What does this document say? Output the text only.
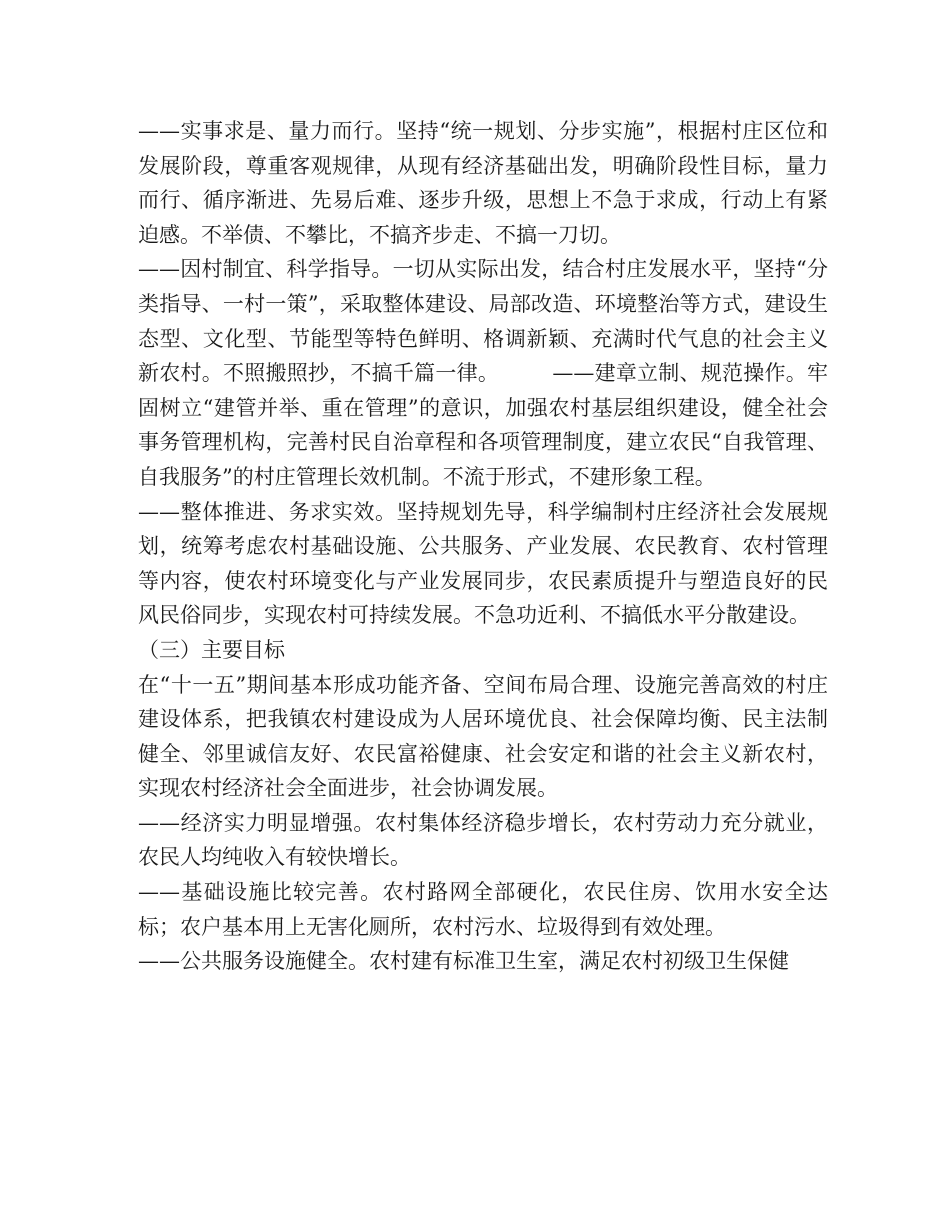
——实事求是、量力而行。坚持“统一规划、分步实施”，根据村庄区位和发展阶段，尊重客观规律，从现有经济基础出发，明确阶段性目标，量力而行、循序渐进、先易后难、逐步升级，思想上不急于求成，行动上有紧迫感。不举债、不攀比，不搞齐步走、不搞一刀切。

——因村制宜、科学指导。一切从实际出发，结合村庄发展水平，坚持“分类指导、一村一策”，采取整体建设、局部改造、环境整治等方式，建设生态型、文化型、节能型等特色鲜明、格调新颖、充满时代气息的社会主义新农村。不照搬照抄，不搞千篇一律。　　　——建章立制、规范操作。牢固树立“建管并举、重在管理”的意识，加强农村基层组织建设，健全社会事务管理机构，完善村民自治章程和各项管理制度，建立农民“自我管理、自我服务”的村庄管理长效机制。不流于形式，不建形象工程。

——整体推进、务求实效。坚持规划先导，科学编制村庄经济社会发展规划，统筹考虑农村基础设施、公共服务、产业发展、农民教育、农村管理等内容，使农村环境变化与产业发展同步，农民素质提升与塑造良好的民风民俗同步，实现农村可持续发展。不急功近利、不搞低水平分散建设。

（三）主要目标

在“十一五”期间基本形成功能齐备、空间布局合理、设施完善高效的村庄建设体系，把我镇农村建设成为人居环境优良、社会保障均衡、民主法制健全、邻里诚信友好、农民富裕健康、社会安定和谐的社会主义新农村，实现农村经济社会全面进步，社会协调发展。

——经济实力明显增强。农村集体经济稳步增长，农村劳动力充分就业，农民人均纯收入有较快增长。

——基础设施比较完善。农村路网全部硬化，农民住房、饮用水安全达标；农户基本用上无害化厕所，农村污水、垃圾得到有效处理。

——公共服务设施健全。农村建有标准卫生室，满足农村初级卫生保健
